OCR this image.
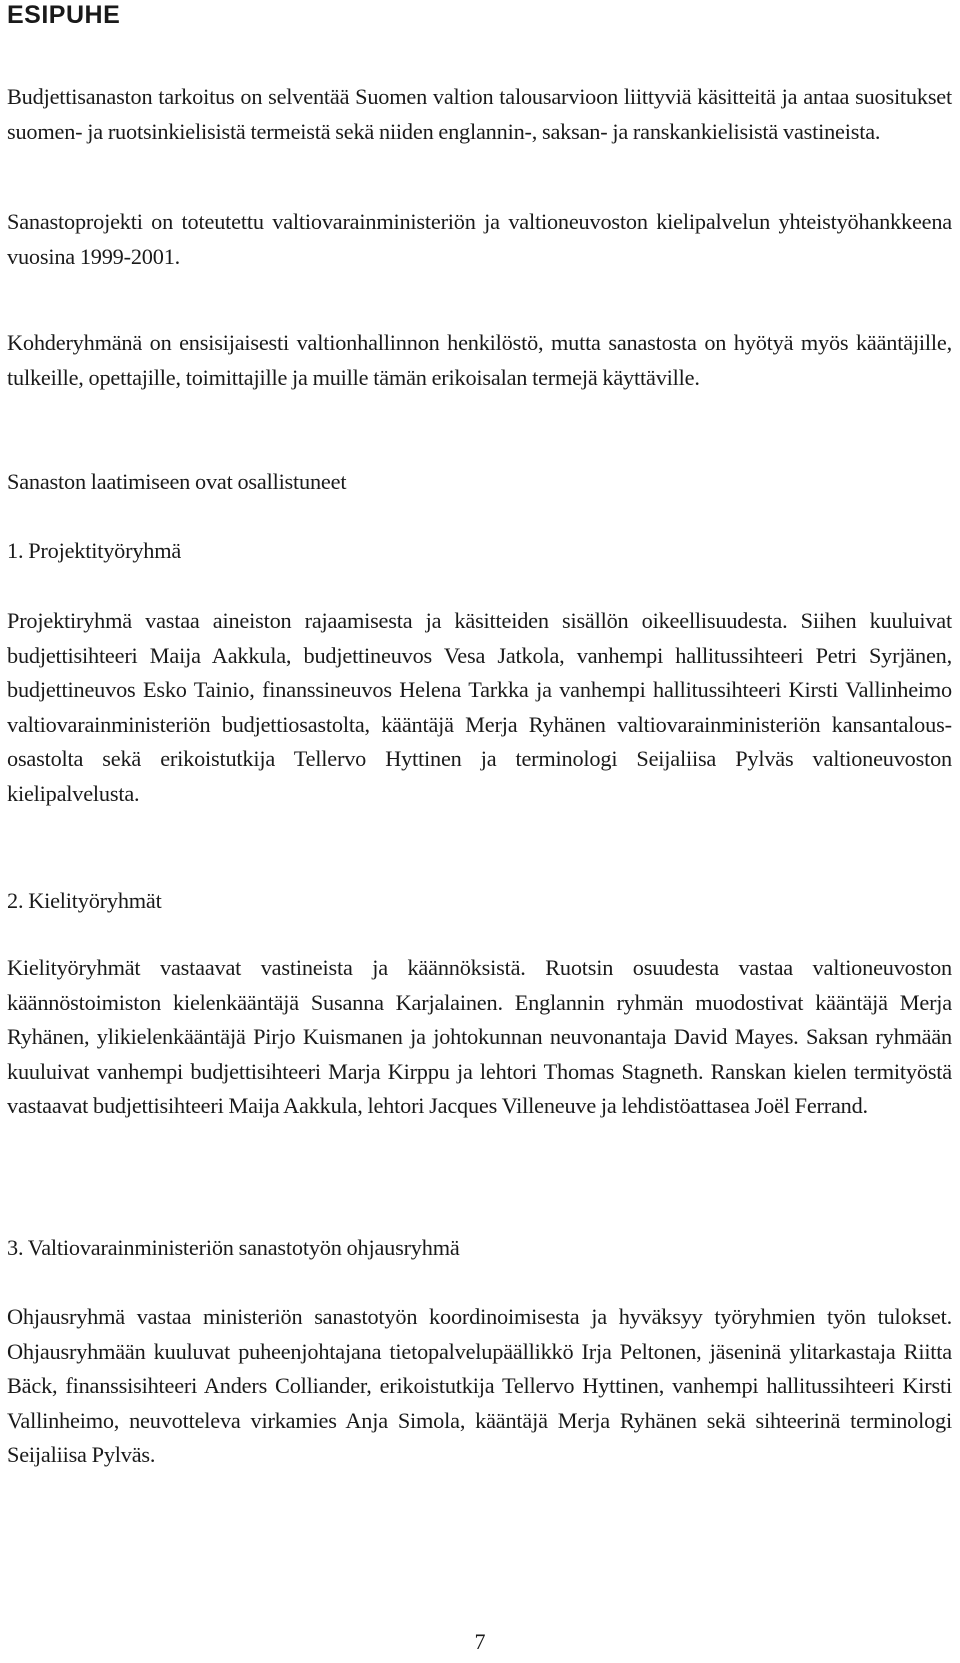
ESIPUHE

Budjettisanaston tarkoitus on selventää Suomen valtion talousarvioon liittyviä käsitteitä ja antaa suositukset suomen- ja ruotsinkielisistä termeistä sekä niiden englannin-, saksan- ja ranskankielisistä vastineista.

Sanastoprojekti on toteutettu valtiovarainministeriön ja valtioneuvoston kielipalvelun yhteistyöhankkeena vuosina 1999-2001.

Kohderyhmänä on ensisijaisesti valtionhallinnon henkilöstö, mutta sanastosta on hyötyä myös kääntäjille, tulkeille, opettajille, toimittajille ja muille tämän erikoisalan termejä käyttäville.

Sanaston laatimiseen ovat osallistuneet

1. Projektityöryhmä

Projektiryhmä vastaa aineiston rajaamisesta ja käsitteiden sisällön oikeellisuudesta. Siihen kuuluivat budjettisihteeri Maija Aakkula, budjettineuvos Vesa Jatkola, vanhempi hallitussihteeri Petri Syrjänen, budjettineuvos Esko Tainio, finanssineuvos Helena Tarkka ja vanhempi hallitussihteeri Kirsti Vallinheimo valtiovarainministeriön budjettiosastolta, kääntäjä Merja Ryhänen valtiovarainministeriön kansantalousosastolta sekä erikoistutkija Tellervo Hyttinen ja terminologi Seijaliisa Pylväs valtioneuvoston kielipalvelusta.

2. Kielityöryhmät

Kielityöryhmät vastaavat vastineista ja käännöksistä. Ruotsin osuudesta vastaa valtioneuvoston käännöstoimiston kielenkääntäjä Susanna Karjalainen. Englannin ryhmän muodostivat kääntäjä Merja Ryhänen, ylikielenkääntäjä Pirjo Kuismanen ja johtokunnan neuvonantaja David Mayes. Saksan ryhmään kuuluivat vanhempi budjettisihteeri Marja Kirppu ja lehtori Thomas Stagneth. Ranskan kielen termityöstä vastaavat budjettisihteeri Maija Aakkula, lehtori Jacques Villeneuve ja lehdistöattasea Joël Ferrand.

3. Valtiovarainministeriön sanastotyön ohjausryhmä

Ohjausryhmä vastaa ministeriön sanastotyön koordinoimisesta ja hyväksyy työryhmien työn tulokset. Ohjausryhmään kuuluvat puheenjohtajana tietopalvelupäällikkö Irja Peltonen, jäseninä ylitarkastaja Riitta Bäck, finanssisihteeri Anders Colliander, erikoistutkija Tellervo Hyttinen, vanhempi hallitussihteeri Kirsti Vallinheimo, neuvotteleva virkamies Anja Simola, kääntäjä Merja Ryhänen sekä sihteerinä terminologi Seijaliisa Pylväs.

7
